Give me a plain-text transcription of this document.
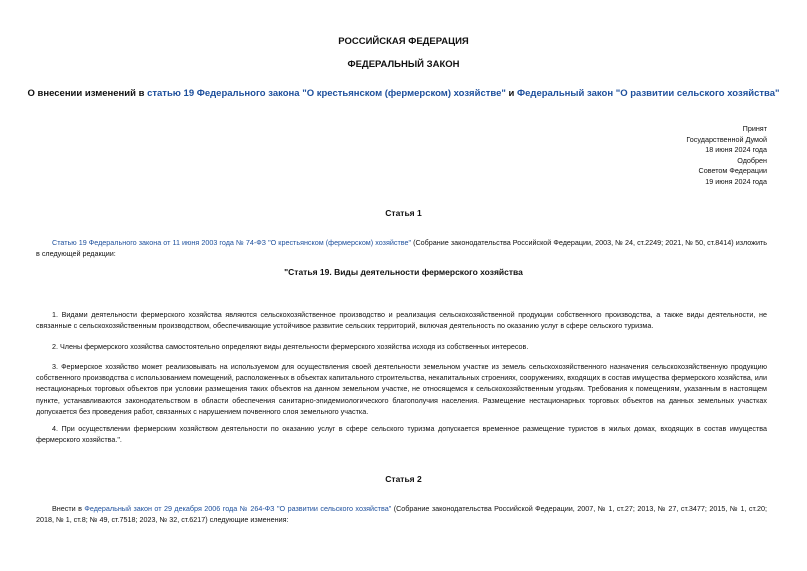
РОССИЙСКАЯ ФЕДЕРАЦИЯ
ФЕДЕРАЛЬНЫЙ ЗАКОН
О внесении изменений в статью 19 Федерального закона "О крестьянском (фермерском) хозяйстве" и Федеральный закон "О развитии сельского хозяйства"
Принят
Государственной Думой
18 июня 2024 года
Одобрен
Советом Федерации
19 июня 2024 года
Статья 1
Статью 19 Федерального закона от 11 июня 2003 года № 74-ФЗ "О крестьянском (фермерском) хозяйстве" (Собрание законодательства Российской Федерации, 2003, № 24, ст.2249; 2021, № 50, ст.8414) изложить в следующей редакции:
"Статья 19. Виды деятельности фермерского хозяйства
1. Видами деятельности фермерского хозяйства являются сельскохозяйственное производство и реализация сельскохозяйственной продукции собственного производства, а также виды деятельности, не связанные с сельскохозяйственным производством, обеспечивающие устойчивое развитие сельских территорий, включая деятельность по оказанию услуг в сфере сельского туризма.
2. Члены фермерского хозяйства самостоятельно определяют виды деятельности фермерского хозяйства исходя из собственных интересов.
3. Фермерское хозяйство может реализовывать на используемом для осуществления своей деятельности земельном участке из земель сельскохозяйственного назначения сельскохозяйственную продукцию собственного производства с использованием помещений, расположенных в объектах капитального строительства, некапитальных строениях, сооружениях, входящих в состав имущества фермерского хозяйства, или нестационарных торговых объектов при условии размещения таких объектов на данном земельном участке, не относящемся к сельскохозяйственным угодьям. Требования к помещениям, указанным в настоящем пункте, устанавливаются законодательством в области обеспечения санитарно-эпидемиологического благополучия населения. Размещение нестационарных торговых объектов на данных земельных участках допускается без проведения работ, связанных с нарушением почвенного слоя земельного участка.
4. При осуществлении фермерским хозяйством деятельности по оказанию услуг в сфере сельского туризма допускается временное размещение туристов в жилых домах, входящих в состав имущества фермерского хозяйства.".
Статья 2
Внести в Федеральный закон от 29 декабря 2006 года № 264-ФЗ "О развитии сельского хозяйства" (Собрание законодательства Российской Федерации, 2007, № 1, ст.27; 2013, № 27, ст.3477; 2015, № 1, ст.20; 2018, № 1, ст.8; № 49, ст.7518; 2023, № 32, ст.6217) следующие изменения:
